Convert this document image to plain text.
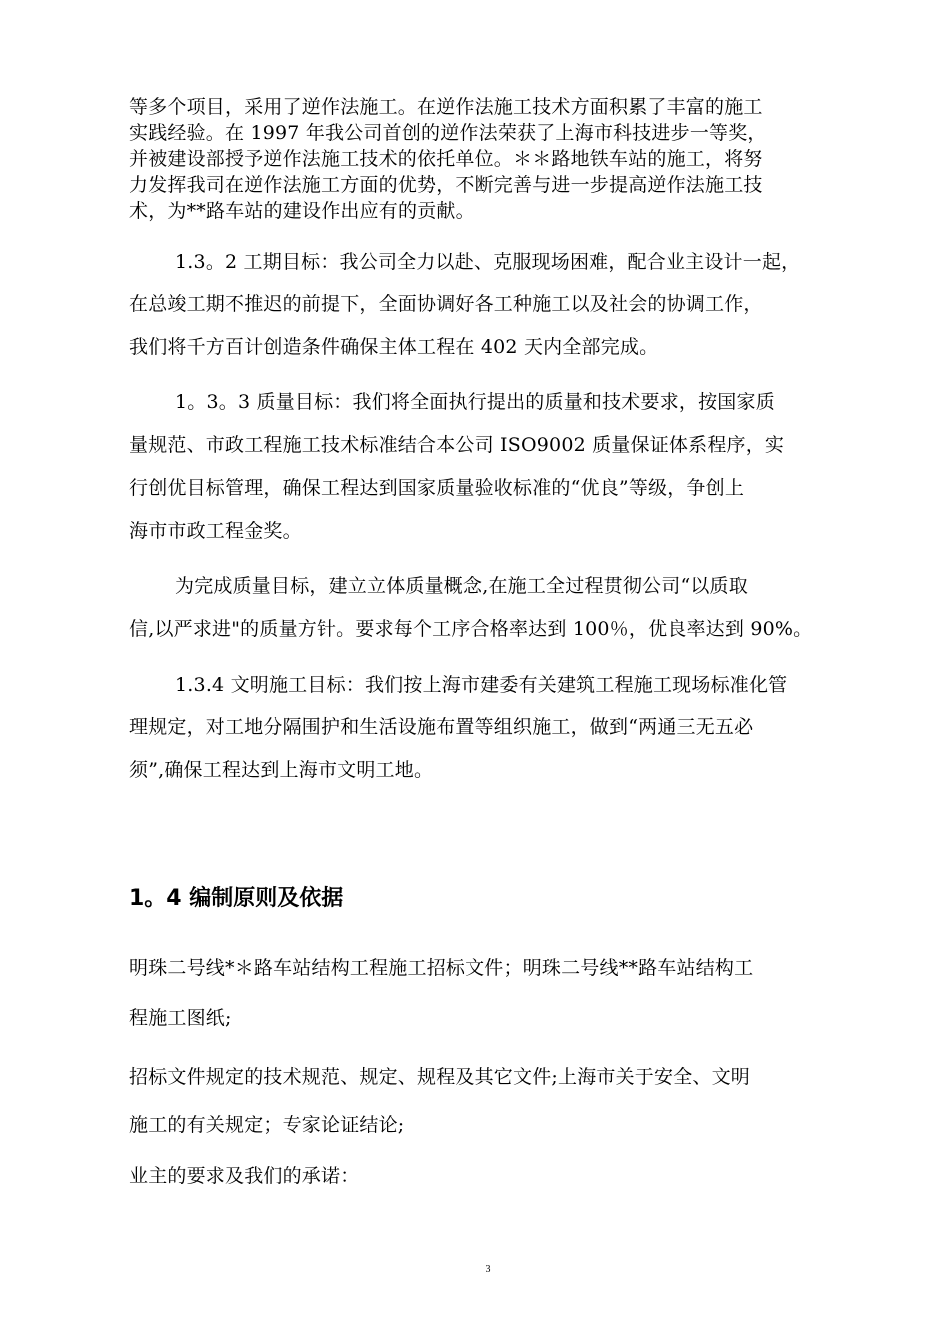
等多个项目，采用了逆作法施工。在逆作法施工技术方面积累了丰富的施工

实践经验。在 1997 年我公司首创的逆作法荣获了上海市科技进步一等奖，

并被建设部授予逆作法施工技术的依托单位。＊＊路地铁车站的施工，将努

力发挥我司在逆作法施工方面的优势，不断完善与进一步提高逆作法施工技

术，为**路车站的建设作出应有的贡献。

1.3。2 工期目标：我公司全力以赴、克服现场困难，配合业主设计一起，

在总竣工期不推迟的前提下，全面协调好各工种施工以及社会的协调工作，

我们将千方百计创造条件确保主体工程在 402 天内全部完成。

1。3。3 质量目标：我们将全面执行提出的质量和技术要求，按国家质

量规范、市政工程施工技术标准结合本公司 ISO9002 质量保证体系程序，实

行创优目标管理，确保工程达到国家质量验收标准的“优良”等级，争创上

海市市政工程金奖。

为完成质量目标，建立立体质量概念,在施工全过程贯彻公司“以质取

信,以严求进"的质量方针。要求每个工序合格率达到 100％，优良率达到 90%。

1.3.4 文明施工目标：我们按上海市建委有关建筑工程施工现场标准化管

理规定，对工地分隔围护和生活设施布置等组织施工，做到“两通三无五必

须”,确保工程达到上海市文明工地。

1。4 编制原则及依据

明珠二号线*＊路车站结构工程施工招标文件；明珠二号线**路车站结构工

程施工图纸;

招标文件规定的技术规范、规定、规程及其它文件;上海市关于安全、文明

施工的有关规定；专家论证结论;

业主的要求及我们的承诺：

3
